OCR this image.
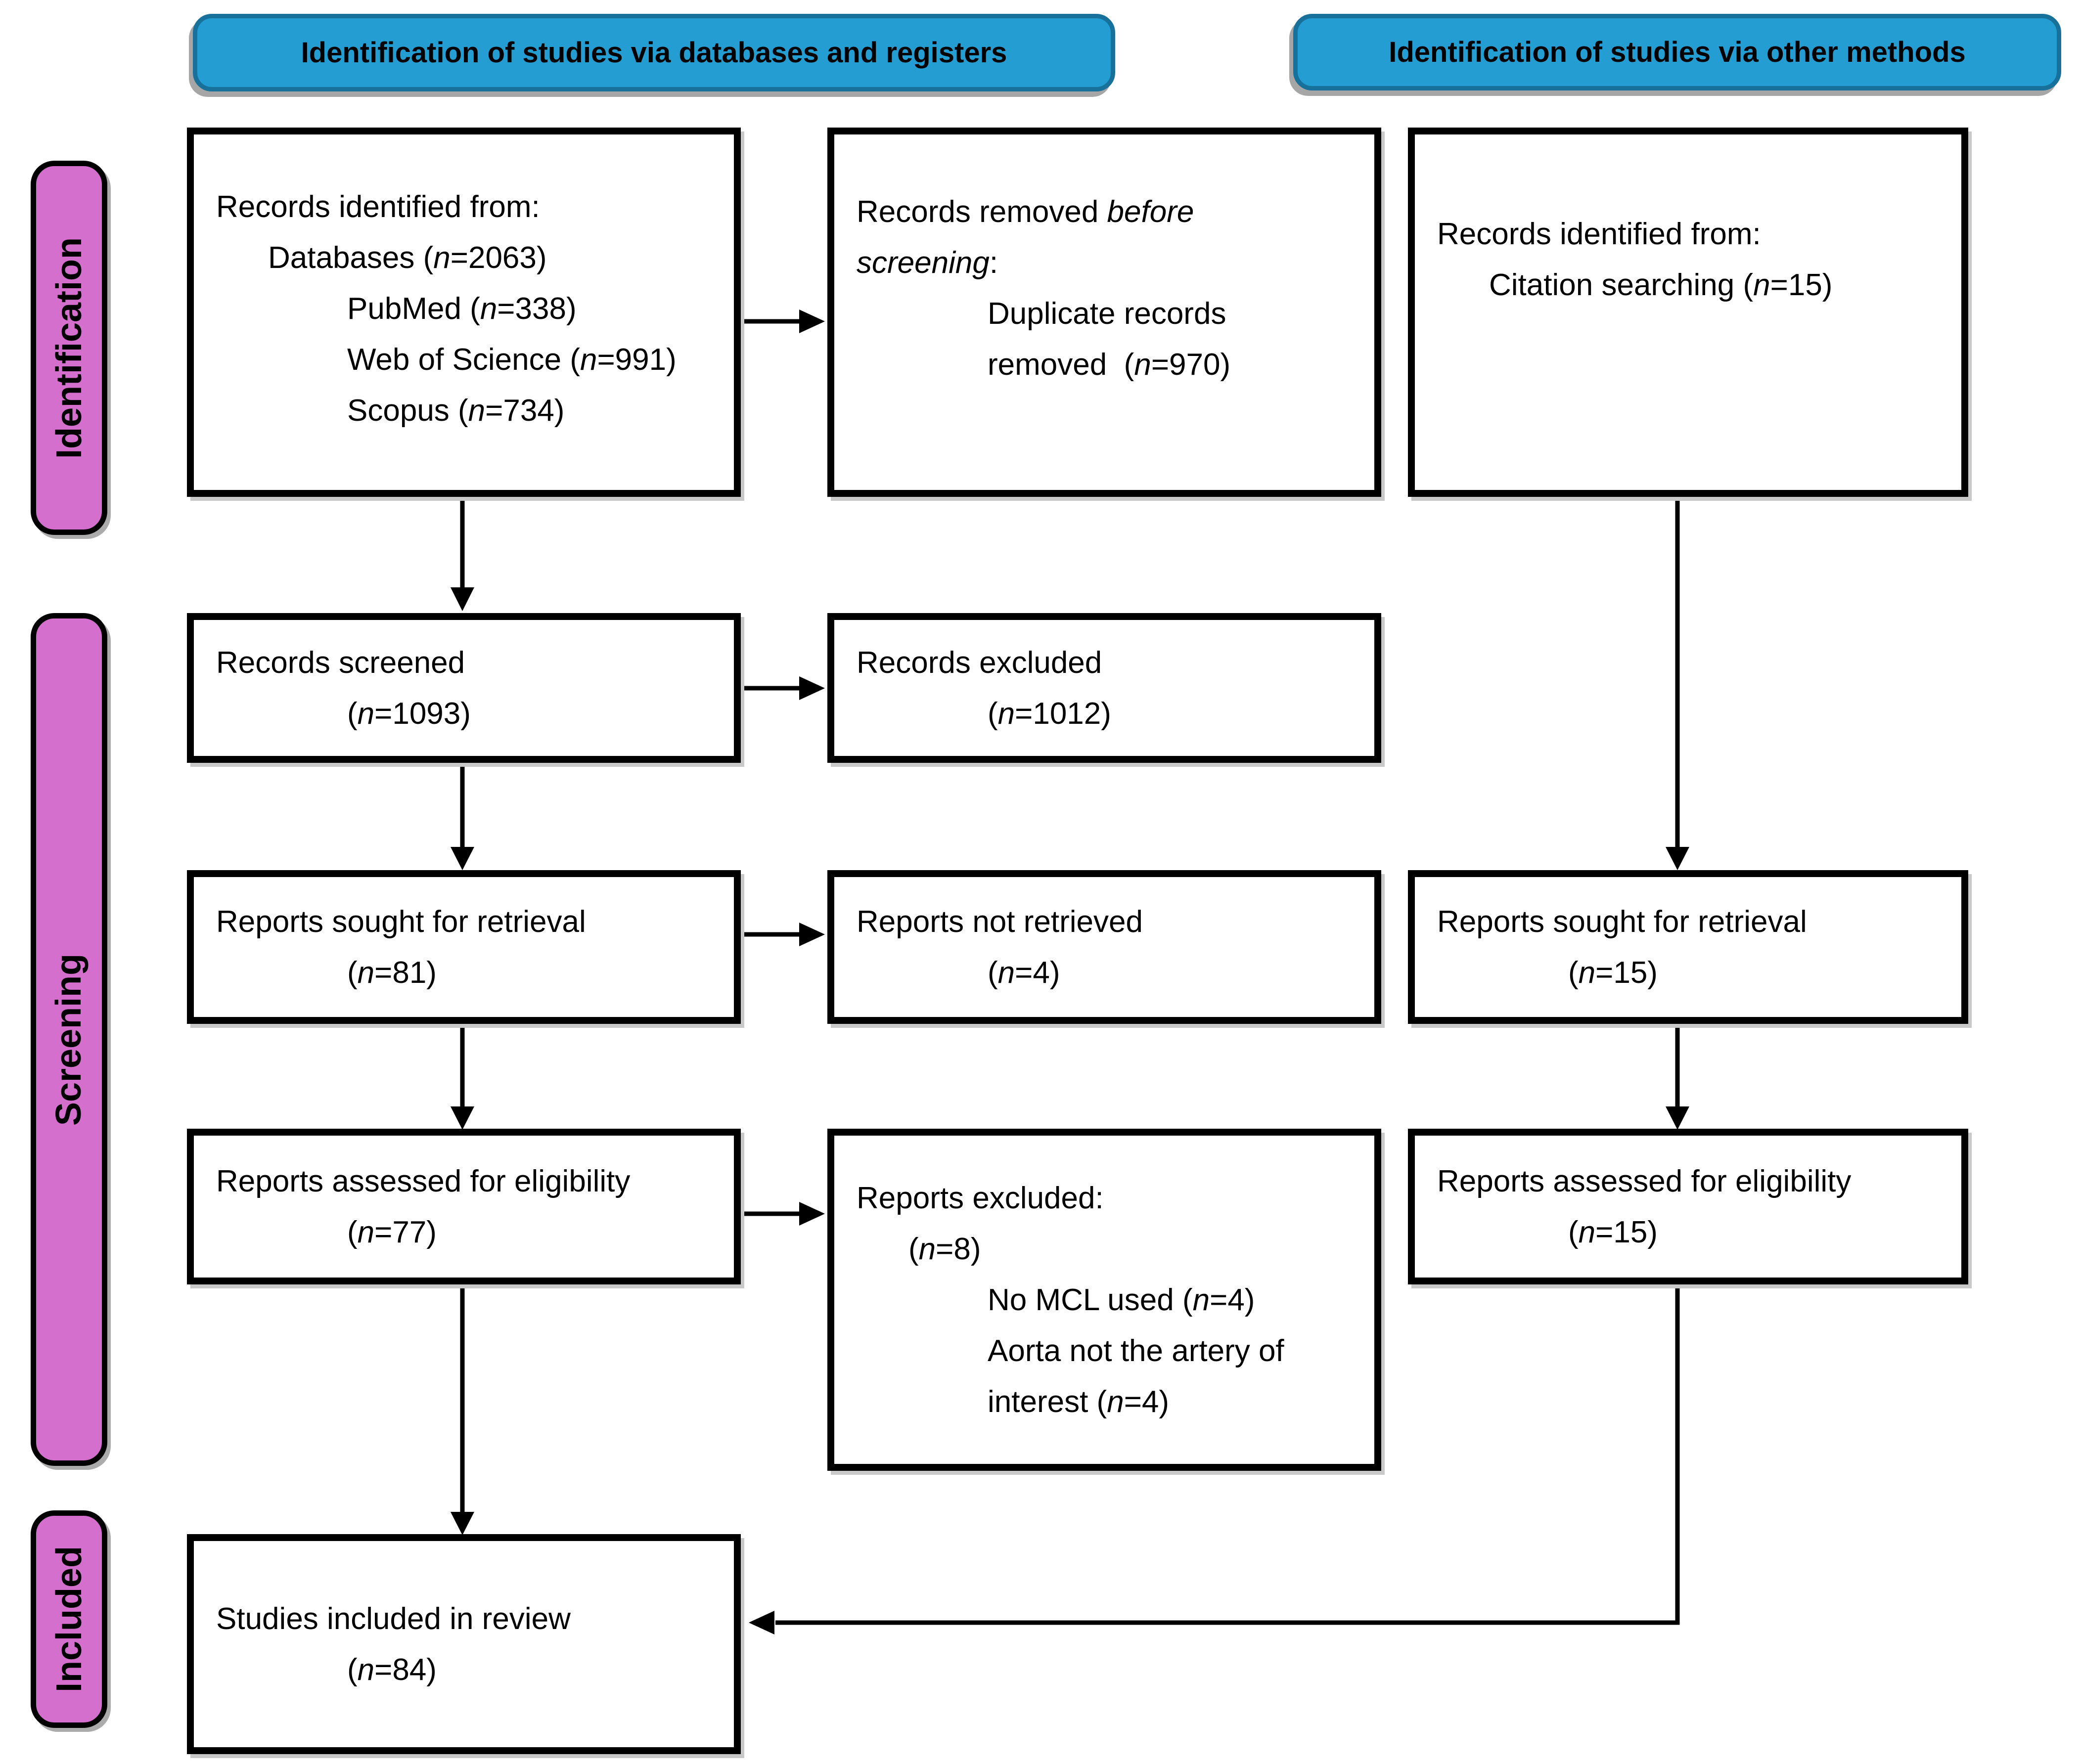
Identification of studies via databases and registers	Identification of studies via other methods
Identification
Screening
Included
Records identified from:
Databases (n=2063)
PubMed (n=338)
Web of Science (n=991)
Scopus (n=734)
Records removed before
screening:
Duplicate records
removed  (n=970)
Records identified from:
Citation searching (n=15)
Records screened
(n=1093)
Records excluded
(n=1012)
Reports sought for retrieval
(n=81)
Reports not retrieved
(n=4)
Reports sought for retrieval
(n=15)
Reports assessed for eligibility
(n=77)
Reports excluded:
(n=8)
No MCL used (n=4)
Aorta not the artery of
interest (n=4)
Reports assessed for eligibility
(n=15)
Studies included in review
(n=84)
